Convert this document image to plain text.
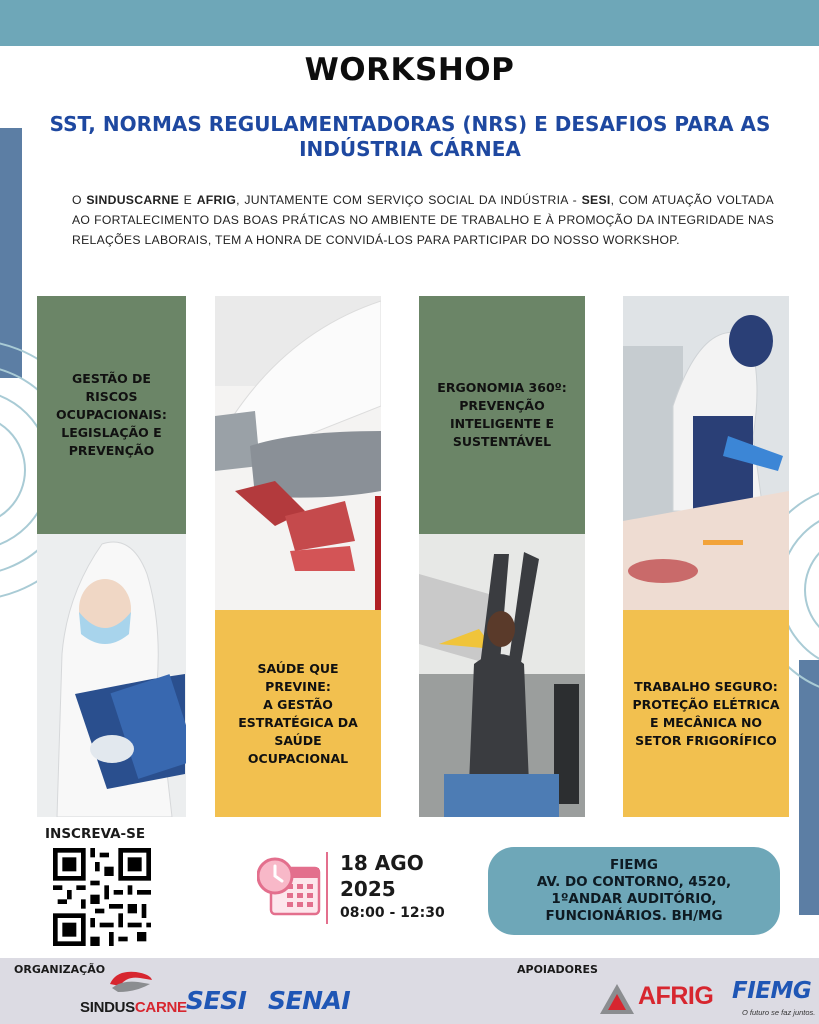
WORKSHOP
SST, NORMAS REGULAMENTADORAS (NRS) E DESAFIOS PARA AS
INDÚSTRIA CÁRNEA
O SINDUSCARNE E AFRIG, JUNTAMENTE COM SERVIÇO SOCIAL DA INDÚSTRIA - SESI, COM ATUAÇÃO VOLTADA AO FORTALECIMENTO DAS BOAS PRÁTICAS NO AMBIENTE DE TRABALHO E À PROMOÇÃO DA INTEGRIDADE NAS RELAÇÕES LABORAIS, TEM A HONRA DE CONVIDÁ-LOS PARA PARTICIPAR DO NOSSO WORKSHOP.
GESTÃO DE RISCOS
OCUPACIONAIS:
LEGISLAÇÃO E
PREVENÇÃO
SAÚDE QUE PREVINE:
A GESTÃO
ESTRATÉGICA DA
SAÚDE OCUPACIONAL
ERGONOMIA 360º:
PREVENÇÃO
INTELIGENTE E
SUSTENTÁVEL
TRABALHO SEGURO:
PROTEÇÃO ELÉTRICA
E MECÂNICA NO
SETOR FRIGORÍFICO
INSCREVA-SE
18 AGO
2025
08:00 - 12:30
FIEMG
AV. DO CONTORNO, 4520,
1ºANDAR AUDITÓRIO,
FUNCIONÁRIOS. BH/MG
ORGANIZAÇÃO	APOIADORES
SINDUSCARNE SESI SENAI	AFRIG FIEMG
O futuro se faz juntos.
